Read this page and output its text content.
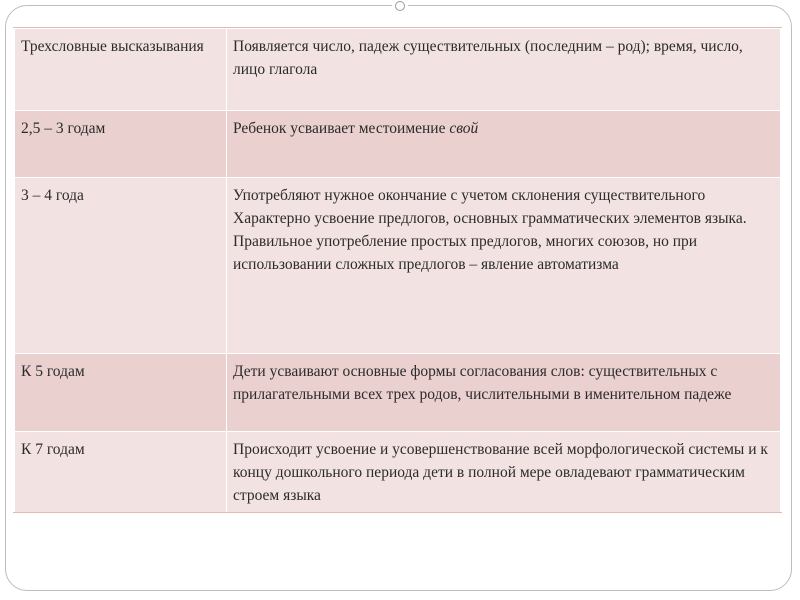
Трехсловные высказывания	Появляется число, падеж существительных (последним – род); время, число, лицо глагола

2,5 – 3 годам	Ребенок усваивает местоимение свой
3 – 4 года	Употребляют нужное окончание с учетом склонения существительного
Характерно усвоение предлогов, основных грамматических элементов языка.
Правильное употребление простых предлогов, многих союзов, но при использовании сложных предлогов – явление автоматизма

К 5 годам	Дети усваивают основные формы согласования слов: существительных с прилагательными всех трех родов, числительными в именительном падеже

К 7 годам	Происходит усвоение и усовершенствование всей морфологической системы и к концу дошкольного периода дети в полной мере овладевают грамматическим строем языка
